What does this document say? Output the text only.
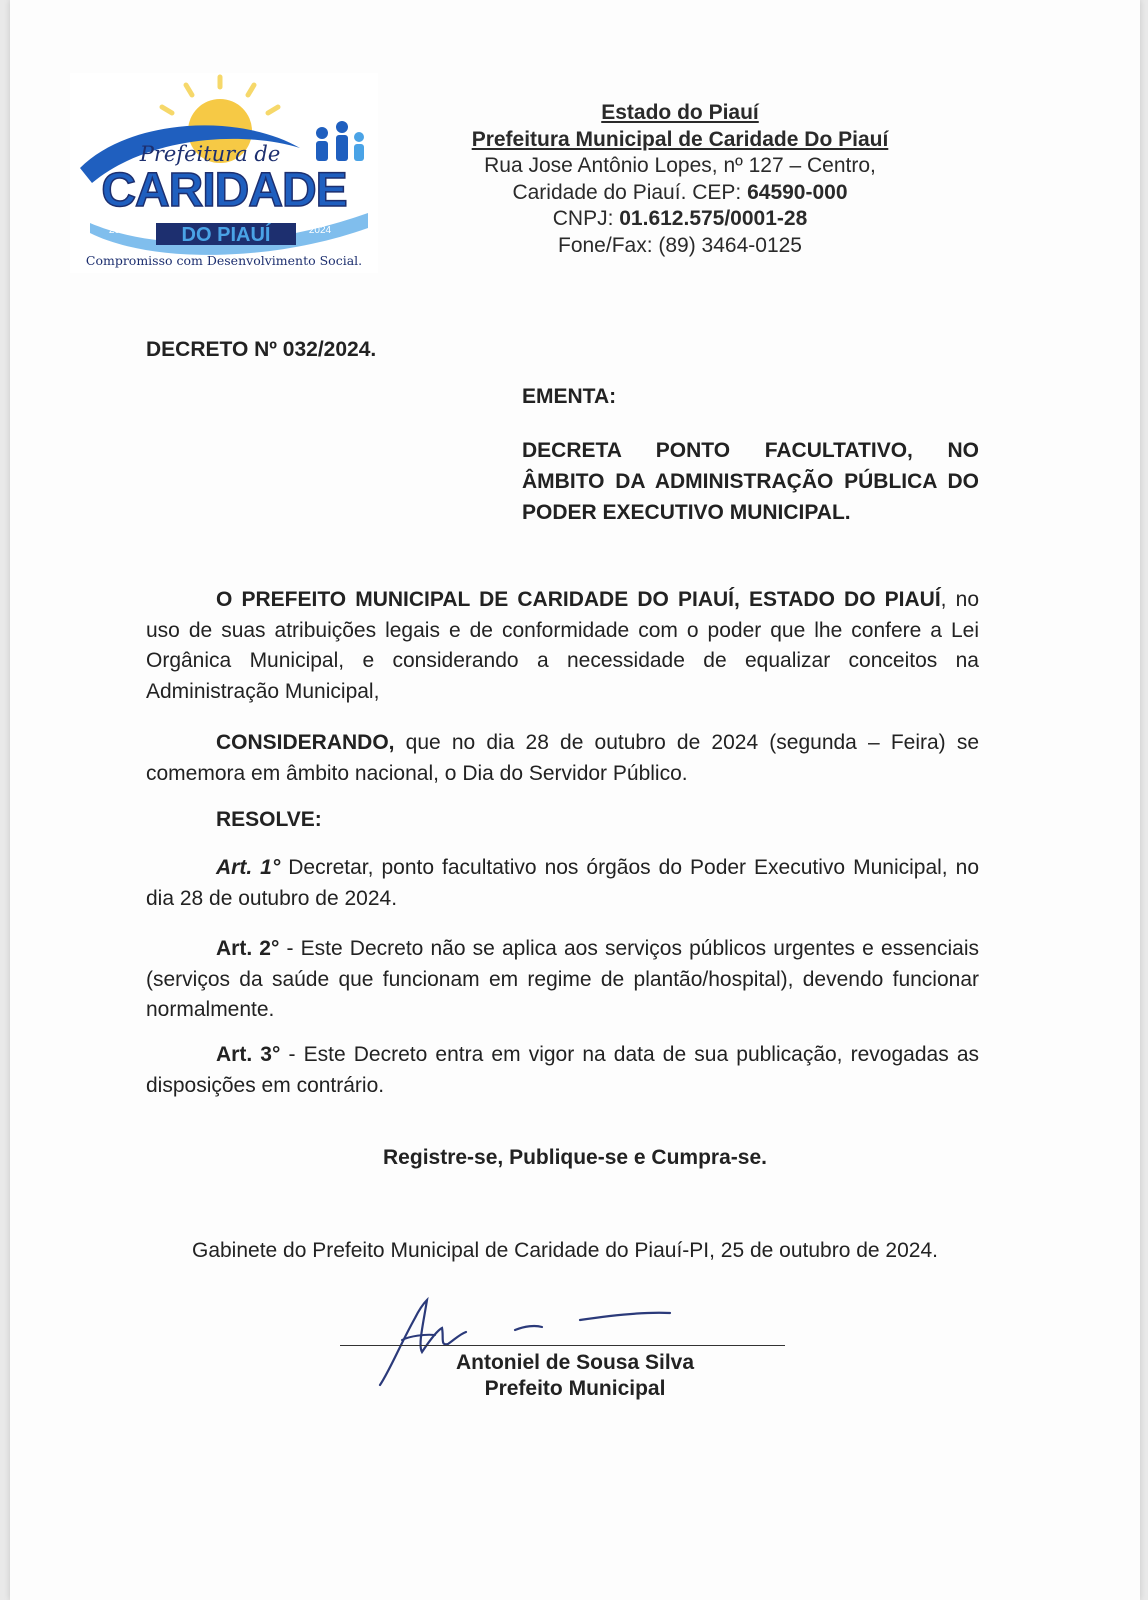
Prefeitura de
CARIDADE
DO PIAUÍ
2021	2024
Compromisso com Desenvolvimento Social.
Estado do Piauí
Prefeitura Municipal de Caridade Do Piauí
Rua Jose Antônio Lopes, nº 127 – Centro,
Caridade do Piauí. CEP: 64590-000
CNPJ: 01.612.575/0001-28
Fone/Fax: (89) 3464-0125
DECRETO Nº 032/2024.
EMENTA:
DECRETA PONTO FACULTATIVO, NO ÂMBITO DA ADMINISTRAÇÃO PÚBLICA DO PODER EXECUTIVO MUNICIPAL.
O PREFEITO MUNICIPAL DE CARIDADE DO PIAUÍ, ESTADO DO PIAUÍ, no uso de suas atribuições legais e de conformidade com o poder que lhe confere a Lei Orgânica Municipal, e considerando a necessidade de equalizar conceitos na Administração Municipal,
CONSIDERANDO, que no dia 28 de outubro de 2024 (segunda – Feira) se comemora em âmbito nacional, o Dia do Servidor Público.
RESOLVE:
Art. 1° Decretar, ponto facultativo nos órgãos do Poder Executivo Municipal, no dia 28 de outubro de 2024.
Art. 2° - Este Decreto não se aplica aos serviços públicos urgentes e essenciais (serviços da saúde que funcionam em regime de plantão/hospital), devendo funcionar normalmente.
Art. 3° - Este Decreto entra em vigor na data de sua publicação, revogadas as disposições em contrário.
Registre-se, Publique-se e Cumpra-se.
Gabinete do Prefeito Municipal de Caridade do Piauí-PI, 25 de outubro de 2024.
Antoniel de Sousa Silva
Prefeito Municipal
